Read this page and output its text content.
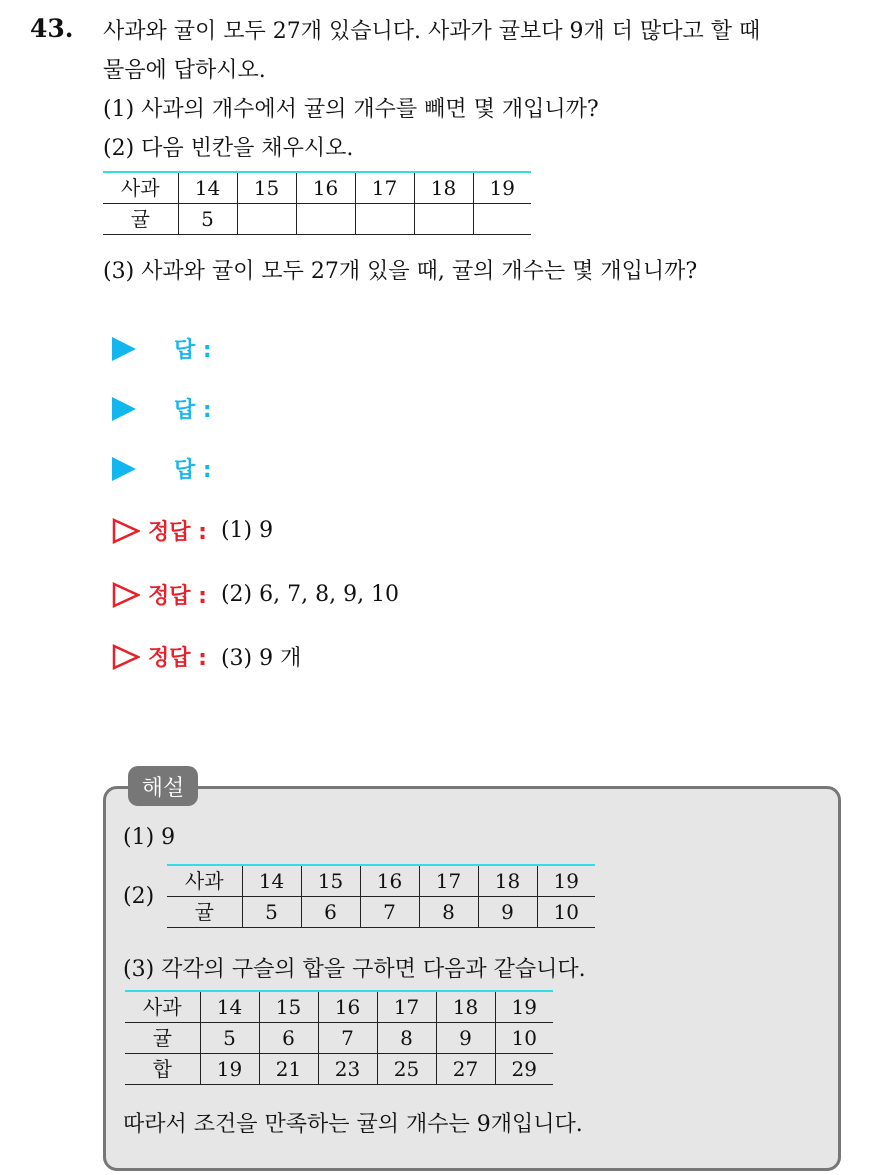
43. 사과와 귤이 모두 27개 있습니다. 사과가 귤보다 9개 더 많다고 할 때
물음에 답하시오.
(1) 사과의 개수에서 귤의 개수를 빼면 몇 개입니까?
(2) 다음 빈칸을 채우시오.
사과	14	15	16	17	18	19
귤	5					
(3) 사과와 귤이 모두 27개 있을 때, 귤의 개수는 몇 개입니까?
답 :
답 :
답 :
정답 : (1) 9
정답 : (2) 6, 7, 8, 9, 10
정답 : (3) 9 개
해설
(1) 9
(2)
사과	14	15	16	17	18	19
귤	5	6	7	8	9	10
(3) 각각의 구슬의 합을 구하면 다음과 같습니다.
사과	14	15	16	17	18	19
귤	5	6	7	8	9	10
합	19	21	23	25	27	29
따라서 조건을 만족하는 귤의 개수는 9개입니다.
